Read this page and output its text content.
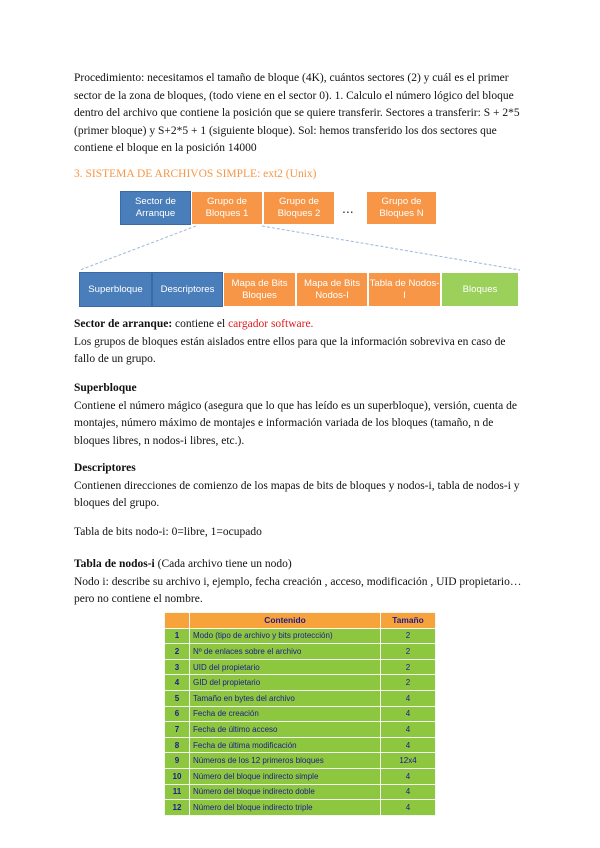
Procedimiento: necesitamos el tamaño de bloque (4K), cuántos sectores (2) y cuál es el primer sector de la zona de bloques, (todo viene en el sector 0). 1. Calculo el número lógico del bloque dentro del archivo que contiene la posición que se quiere transferir. Sectores a transferir: S + 2*5 (primer bloque) y S+2*5 + 1 (siguiente bloque). Sol: hemos transferido los dos sectores que contiene el bloque en la posición 14000
3. SISTEMA DE ARCHIVOS SIMPLE: ext2 (Unix)
Sector de Arranque
Grupo de Bloques 1
Grupo de Bloques 2	...	Grupo de Bloques N
Superbloque	Descriptores
Mapa de Bits Bloques
Mapa de Bits Nodos-I
Tabla de Nodos-I
Bloques
Sector de arranque: contiene el cargador software.
Los grupos de bloques están aislados entre ellos para que la información sobreviva en caso de fallo de un grupo.
Superbloque
Contiene el número mágico (asegura que lo que has leído es un superbloque), versión, cuenta de montajes, número máximo de montajes e información variada de los bloques (tamaño, n de bloques libres, n nodos-i libres, etc.).
Descriptores
Contienen direcciones de comienzo de los mapas de bits de bloques y nodos-i, tabla de nodos-i y bloques del grupo.
Tabla de bits nodo-i: 0=libre, 1=ocupado
Tabla de nodos-i (Cada archivo tiene un nodo)
Nodo i: describe su archivo i, ejemplo, fecha creación , acceso, modificación , UID propietario… pero no contiene el nombre.
	Contenido	Tamaño
1	Modo (tipo de archivo y bits protección)	2
2	Nº de enlaces sobre el archivo	2
3	UID del propietario	2
4	GID del propietario	2
5	Tamaño en bytes del archivo	4
6	Fecha de creación	4
7	Fecha de último acceso	4
8	Fecha de última modificación	4
9	Números de los 12 primeros bloques	12x4
10	Número del bloque indirecto simple	4
11	Número del bloque indirecto doble	4
12	Número del bloque indirecto triple	4
